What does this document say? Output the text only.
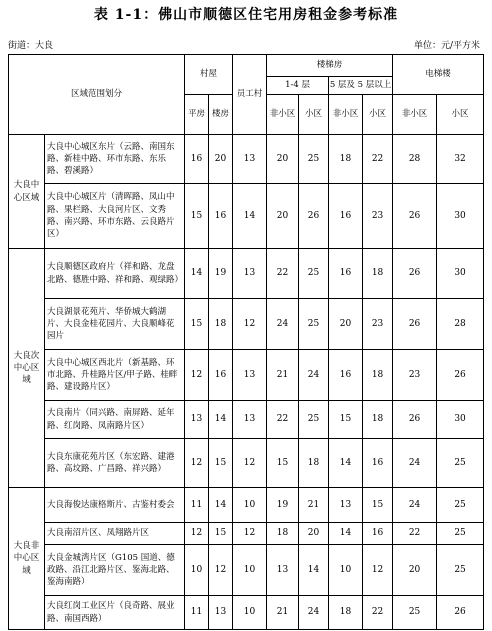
表 1-1：佛山市顺德区住宅用房租金参考标准
街道：大良	单位：元/平方米
区域范围划分		村屋		员工村	楼梯房				电梯楼	
					1-4 层		5 层及 5 层以上			
		平房	楼房		非小区	小区	非小区	小区	非小区	小区
大良中心区域	大良中心城区东片（云路、南国东路、新桂中路、环市东路、东乐路、碧溪路）	16	20	13	20	25	18	22	28	32
	大良中心城区片（清晖路、凤山中路、果栏路、大良河片区、文秀路、南兴路、环市东路、云良路片区）	15	16	14	20	26	16	23	26	30
大良次中心区域	大良顺德区政府片（祥和路、龙盘北路、德胜中路、祥和路、观绿路）	14	19	13	22	25	16	18	26	30
	大良湖景花苑片、华侨城大鹤湖片、大良金桂花园片、大良顺峰花园片	15	18	12	24	25	20	23	26	28
	大良中心城区西北片（新基路、环市北路、升桂路片区/甲子路、桂畔路、建设路片区）	12	16	13	21	24	16	18	23	26
	大良南片（同兴路、南屏路、延年路、红岗路、凤南路片区）	13	14	13	22	25	15	18	26	30
	大良东康花苑片区（东宏路、建港路、高坟路、广昌路、祥兴路）	12	15	12	15	18	14	16	24	25
大良非中心区域	大良海俊达康格斯片、古鉴村委会	11	14	10	19	21	13	15	24	25
	大良南沼片区、凤翔路片区	12	15	12	18	20	14	16	22	25
	大良金城湾片区（G105 国道、德政路、沿江北路片区、鉴海北路、鉴海南路）	10	12	10	13	14	10	12	20	25
	大良红岗工业区片（良奇路、展业路、南国西路）	11	13	10	21	24	18	22	25	26
